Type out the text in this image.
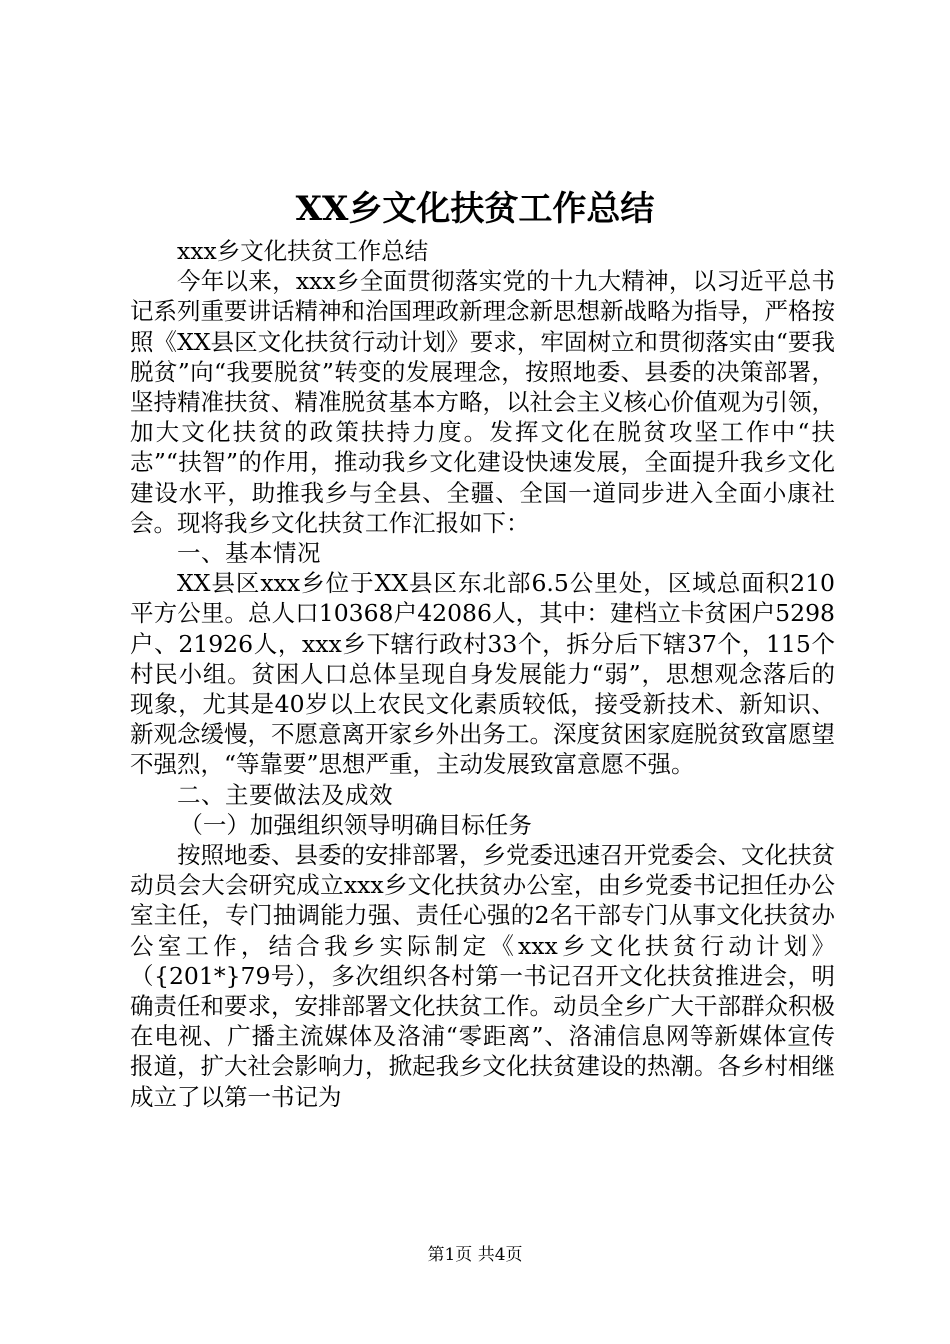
XX乡文化扶贫工作总结

xxx乡文化扶贫工作总结

今年以来，xxx乡全面贯彻落实党的十九大精神，以习近平总书记系列重要讲话精神和治国理政新理念新思想新战略为指导，严格按照《XX县区文化扶贫行动计划》要求，牢固树立和贯彻落实由“要我脱贫”向“我要脱贫”转变的发展理念，按照地委、县委的决策部署，坚持精准扶贫、精准脱贫基本方略，以社会主义核心价值观为引领，加大文化扶贫的政策扶持力度。发挥文化在脱贫攻坚工作中“扶志”“扶智”的作用，推动我乡文化建设快速发展，全面提升我乡文化建设水平，助推我乡与全县、全疆、全国一道同步进入全面小康社会。现将我乡文化扶贫工作汇报如下：

一、基本情况

XX县区xxx乡位于XX县区东北部6.5公里处，区域总面积210平方公里。总人口10368户42086人，其中：建档立卡贫困户5298户、21926人，xxx乡下辖行政村33个，拆分后下辖37个，115个村民小组。贫困人口总体呈现自身发展能力“弱”，思想观念落后的现象，尤其是40岁以上农民文化素质较低，接受新技术、新知识、新观念缓慢，不愿意离开家乡外出务工。深度贫困家庭脱贫致富愿望不强烈，“等靠要”思想严重，主动发展致富意愿不强。

二、主要做法及成效

（一）加强组织领导明确目标任务

按照地委、县委的安排部署，乡党委迅速召开党委会、文化扶贫动员会大会研究成立xxx乡文化扶贫办公室，由乡党委书记担任办公室主任，专门抽调能力强、责任心强的2名干部专门从事文化扶贫办公室工作，结合我乡实际制定《xxx乡文化扶贫行动计划》（{201*}79号），多次组织各村第一书记召开文化扶贫推进会，明确责任和要求，安排部署文化扶贫工作。动员全乡广大干部群众积极在电视、广播主流媒体及洛浦“零距离”、洛浦信息网等新媒体宣传报道，扩大社会影响力，掀起我乡文化扶贫建设的热潮。各乡村相继成立了以第一书记为

第1页 共4页
